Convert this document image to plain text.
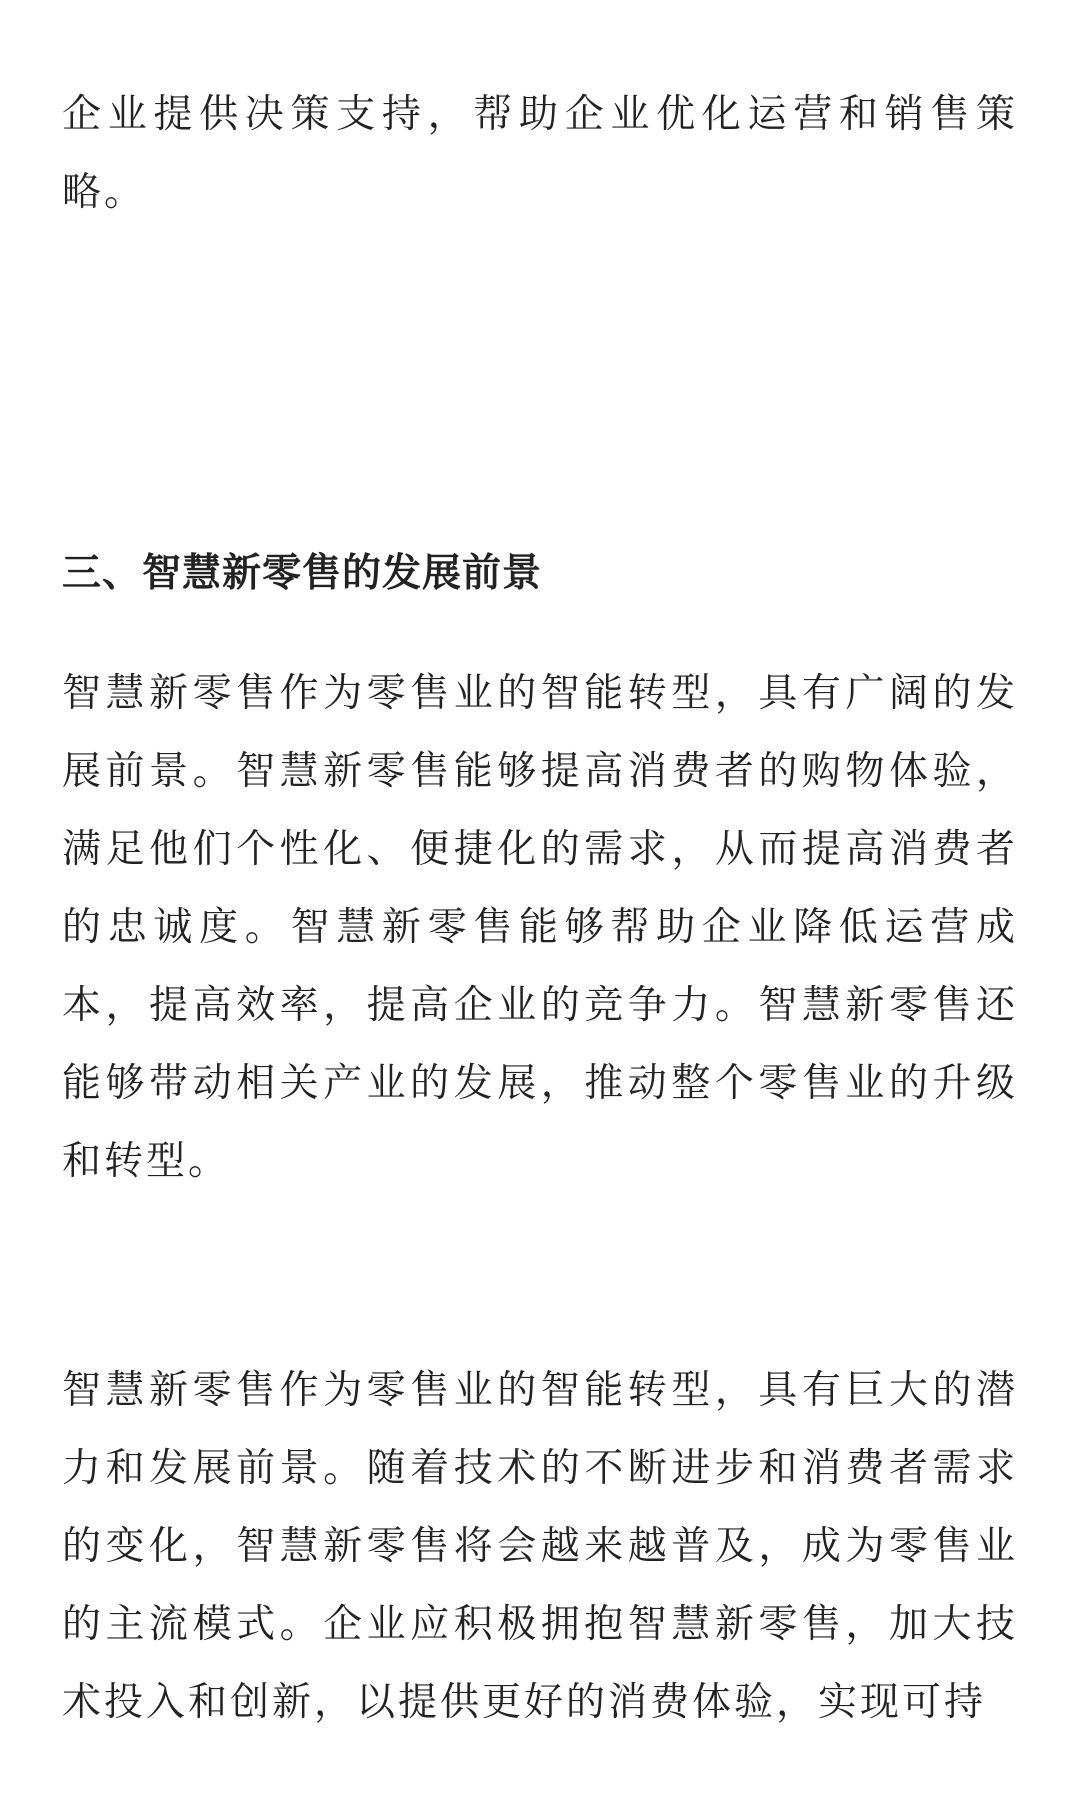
企业提供决策支持，帮助企业优化运营和销售策略。

三、智慧新零售的发展前景

智慧新零售作为零售业的智能转型，具有广阔的发展前景。智慧新零售能够提高消费者的购物体验，满足他们个性化、便捷化的需求，从而提高消费者的忠诚度。智慧新零售能够帮助企业降低运营成本，提高效率，提高企业的竞争力。智慧新零售还能够带动相关产业的发展，推动整个零售业的升级和转型。

智慧新零售作为零售业的智能转型，具有巨大的潜力和发展前景。随着技术的不断进步和消费者需求的变化，智慧新零售将会越来越普及，成为零售业的主流模式。企业应积极拥抱智慧新零售，加大技术投入和创新，以提供更好的消费体验，实现可持
